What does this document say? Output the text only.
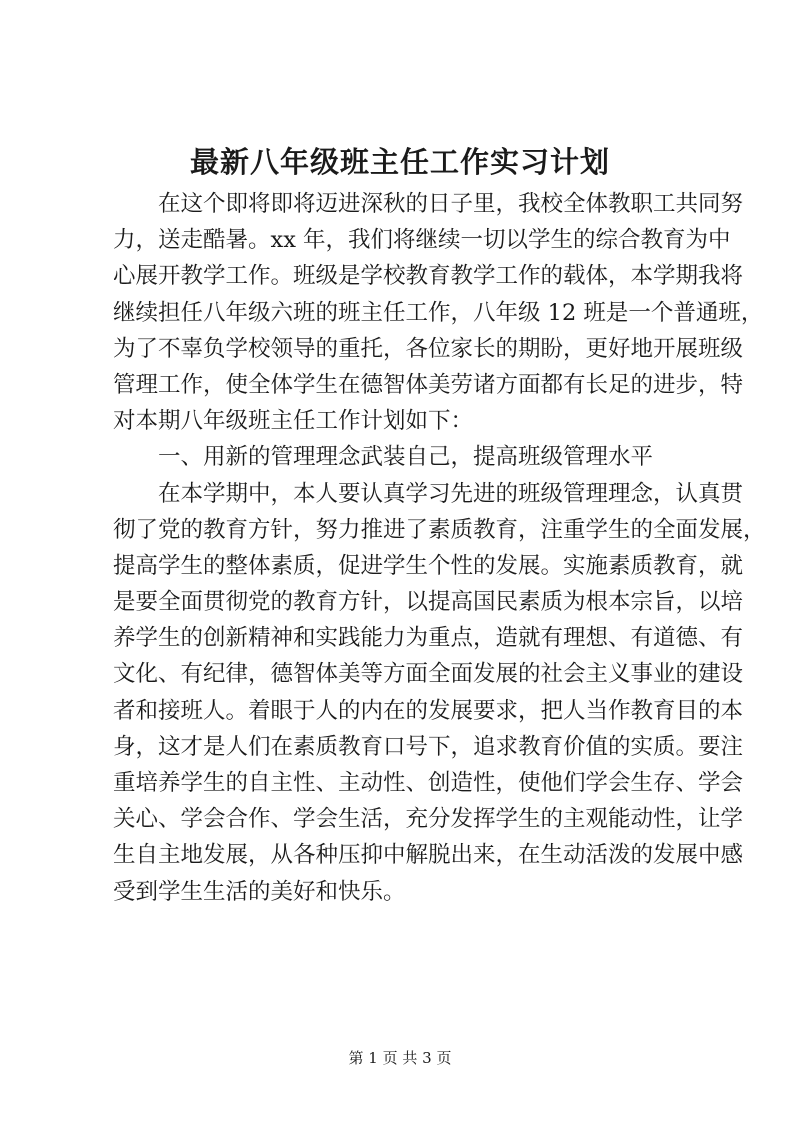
最新八年级班主任工作实习计划
在这个即将即将迈进深秋的日子里，我校全体教职工共同努
力，送走酷暑。xx 年，我们将继续一切以学生的综合教育为中
心展开教学工作。班级是学校教育教学工作的载体，本学期我将
继续担任八年级六班的班主任工作，八年级 12 班是一个普通班，
为了不辜负学校领导的重托，各位家长的期盼，更好地开展班级
管理工作，使全体学生在德智体美劳诸方面都有长足的进步，特
对本期八年级班主任工作计划如下：
一、用新的管理理念武装自己，提高班级管理水平
在本学期中，本人要认真学习先进的班级管理理念，认真贯
彻了党的教育方针，努力推进了素质教育，注重学生的全面发展，
提高学生的整体素质，促进学生个性的发展。实施素质教育，就
是要全面贯彻党的教育方针，以提高国民素质为根本宗旨，以培
养学生的创新精神和实践能力为重点，造就有理想、有道德、有
文化、有纪律，德智体美等方面全面发展的社会主义事业的建设
者和接班人。着眼于人的内在的发展要求，把人当作教育目的本
身，这才是人们在素质教育口号下，追求教育价值的实质。要注
重培养学生的自主性、主动性、创造性，使他们学会生存、学会
关心、学会合作、学会生活，充分发挥学生的主观能动性，让学
生自主地发展，从各种压抑中解脱出来，在生动活泼的发展中感
受到学生生活的美好和快乐。
第 1 页 共 3 页
